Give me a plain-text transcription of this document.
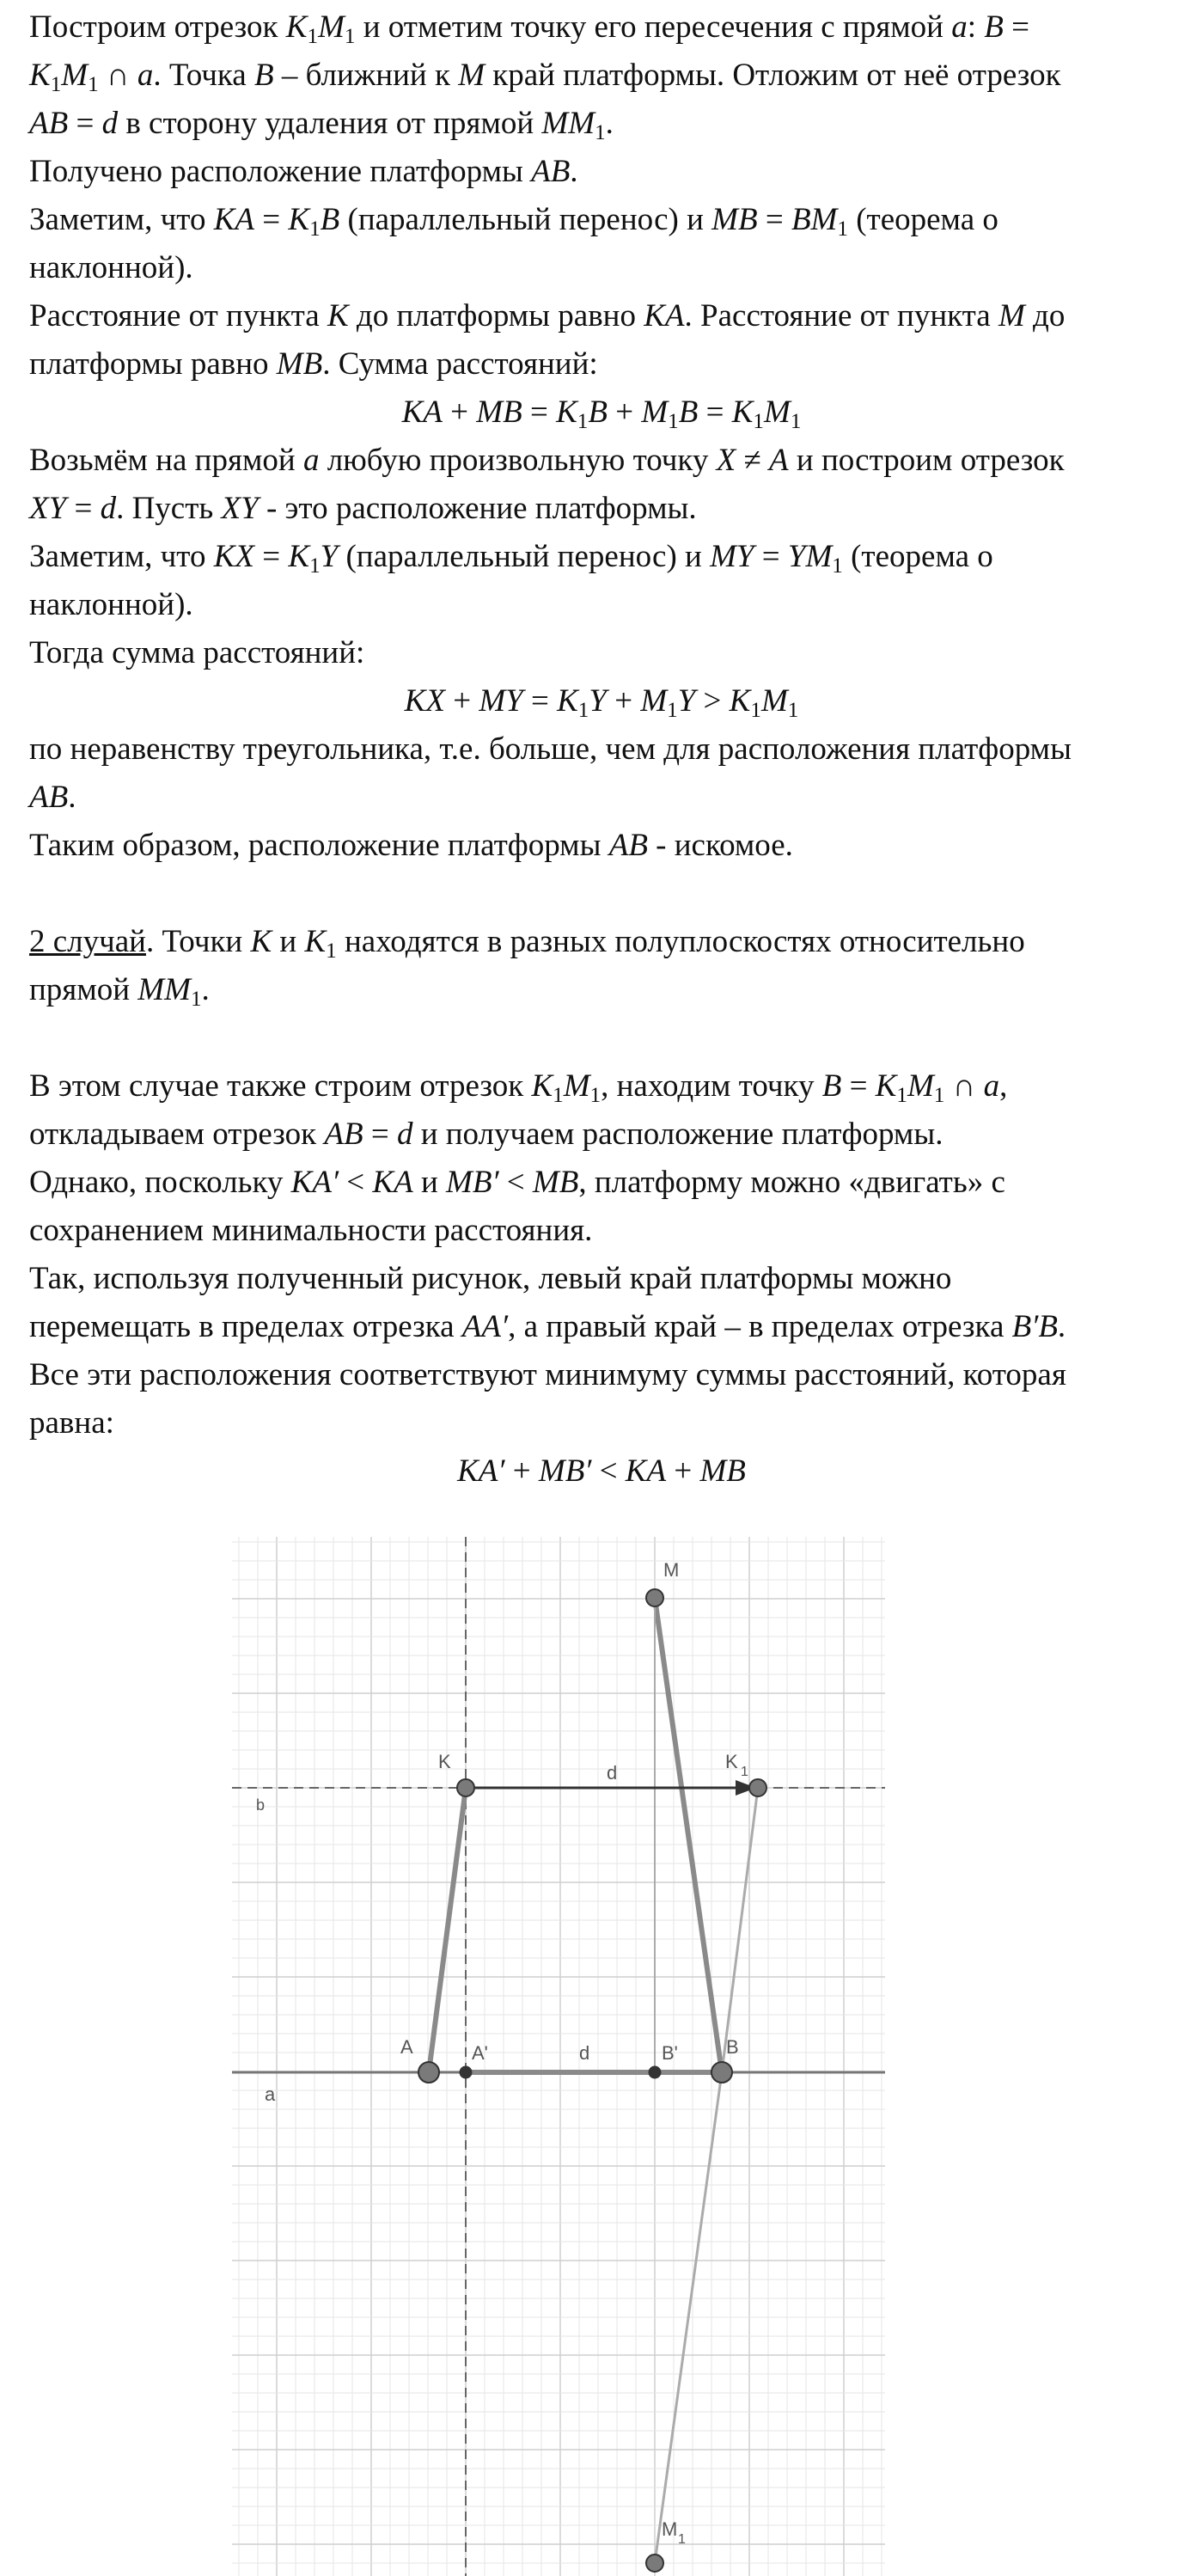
Построим отрезок $K_1M_1$ и отметим точку его пересечения с прямой a: B =
$K_1M_1$ ∩ a. Точка B – ближний к M край платформы. Отложим от неё отрезок
AB = d в сторону удаления от прямой $MM_1$.
Получено расположение платформы AB.
Заметим, что KA = $K_1B$ (параллельный перенос) и MB = $BM_1$ (теорема о
наклонной).
Расстояние от пункта K до платформы равно KA. Расстояние от пункта M до
платформы равно MB. Сумма расстояний:
KA + MB = $K_1B + M_1B = K_1M_1$
Возьмём на прямой a любую произвольную точку X ≠ A и построим отрезок
XY = d. Пусть XY - это расположение платформы.
Заметим, что KX = $K_1Y$ (параллельный перенос) и MY = $YM_1$ (теорема о
наклонной).
Тогда сумма расстояний:
KX + MY = $K_1Y + M_1Y > K_1M_1$
по неравенству треугольника, т.е. больше, чем для расположения платформы
AB.
Таким образом, расположение платформы AB - искомое.
2 случай. Точки K и $K_1$ находятся в разных полуплоскостях относительно
прямой $MM_1$.
В этом случае также строим отрезок $K_1M_1$, находим точку $B = K_1M_1$ ∩ a,
откладываем отрезок AB = d и получаем расположение платформы.
Однако, поскольку KA′ < KA и MB′ < MB, платформу можно «двигать» с
сохранением минимальности расстояния.
Так, используя полученный рисунок, левый край платформы можно
перемещать в пределах отрезка AA′, а правый край – в пределах отрезка B′B.
Все эти расположения соответствуют минимуму суммы расстояний, которая
равна:
KA′ + MB′ < KA + MB
M
K	K 1
d
b
A	A'	d	B'	B
a
M 1
